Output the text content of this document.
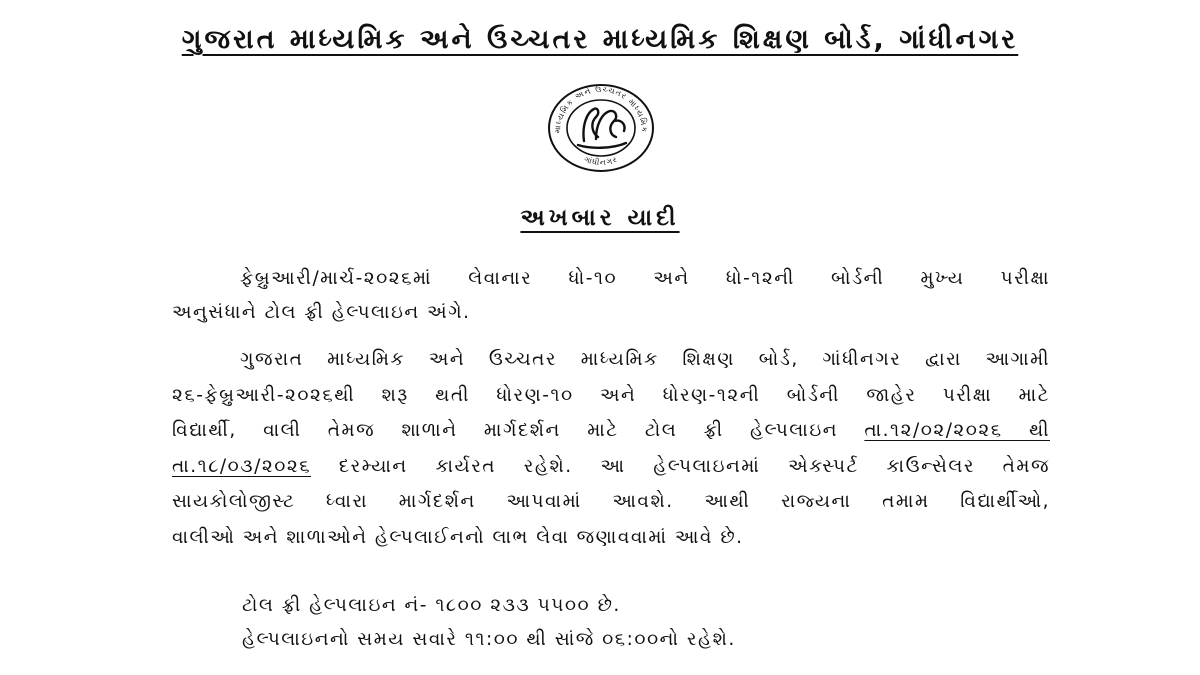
ગુજરાત માધ્યમિક અને ઉચ્ચતર માધ્યમિક શિક્ષણ બોર્ડ, ગાંધીનગર
માધ્યમિક અને ઉચ્ચતર માધ્યમિક
ગાંધીનગર
અખબાર યાદી
ફેબ્રુઆરી/માર્ચ-૨૦૨૬માં લેવાનાર ધો-૧૦ અને ધો-૧૨ની બોર્ડની મુખ્ય પરીક્ષા
અનુસંધાને ટોલ ફ્રી હેલ્પલાઇન અંગે.
ગુજરાત માધ્યમિક અને ઉચ્ચતર માધ્યમિક શિક્ષણ બોર્ડ, ગાંધીનગર દ્વારા આગામી
૨૬-ફેબ્રુઆરી-૨૦૨૬થી શરૂ થતી ધોરણ-૧૦ અને ધોરણ-૧૨ની બોર્ડની જાહેર પરીક્ષા માટે
વિદ્યાર્થી, વાલી તેમજ શાળાને માર્ગદર્શન માટે ટોલ ફ્રી હેલ્પલાઇન તા.૧૨/૦૨/૨૦૨૬ થી
તા.૧૮/૦૩/૨૦૨૬ દરમ્યાન કાર્યરત રહેશે. આ હેલ્પલાઇનમાં એક્સ્પર્ટ કાઉન્સેલર તેમજ
સાયકોલોજીસ્ટ ધ્વારા માર્ગદર્શન આપવામાં આવશે. આથી રાજ્યના તમામ વિદ્યાર્થીઓ,
વાલીઓ અને શાળાઓને હેલ્પલાઈનનો લાભ લેવા જણાવવામાં આવે છે.
ટોલ ફ્રી હેલ્પલાઇન નં- ૧૮૦૦ ૨૩૩ ૫૫૦૦ છે.
હેલ્પલાઇનનો સમય સવારે ૧૧:૦૦ થી સાંજે ૦૬:૦૦નો રહેશે.
